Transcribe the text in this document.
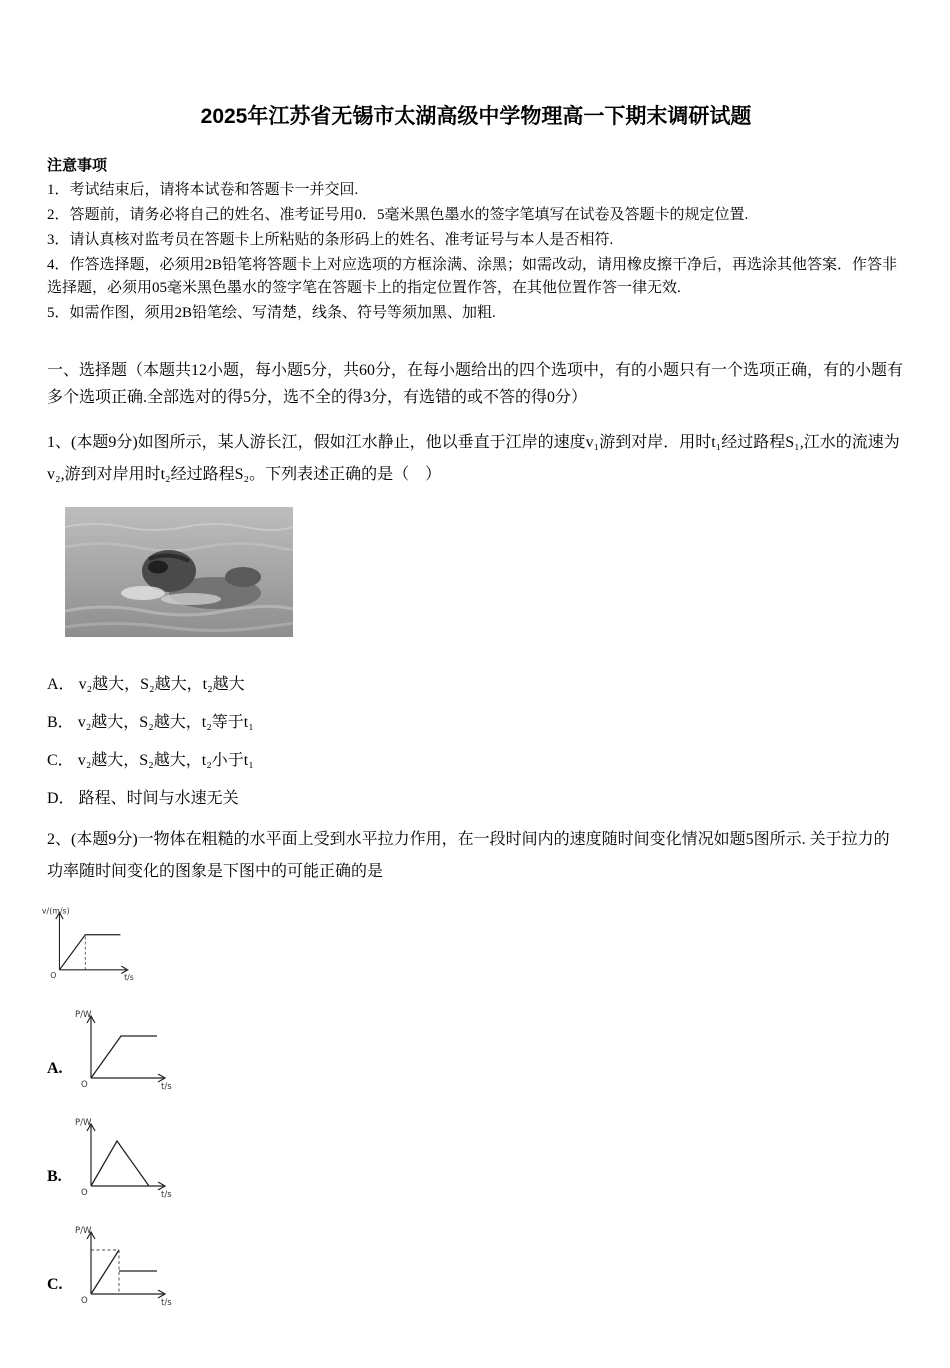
2025年江苏省无锡市太湖高级中学物理高一下期末调研试题
注意事项

1．考试结束后，请将本试卷和答题卡一并交回.

2．答题前，请务必将自己的姓名、准考证号用0．5毫米黑色墨水的签字笔填写在试卷及答题卡的规定位置.

3．请认真核对监考员在答题卡上所粘贴的条形码上的姓名、准考证号与本人是否相符.

4．作答选择题，必须用2B铅笔将答题卡上对应选项的方框涂满、涂黑；如需改动，请用橡皮擦干净后，再选涂其他答案．作答非选择题，必须用05毫米黑色墨水的签字笔在答题卡上的指定位置作答，在其他位置作答一律无效.

5．如需作图，须用2B铅笔绘、写清楚，线条、符号等须加黑、加粗.

一、选择题（本题共12小题，每小题5分，共60分，在每小题给出的四个选项中，有的小题只有一个选项正确，有的小题有多个选项正确.全部选对的得5分，选不全的得3分，有选错的或不答的得0分）

1、(本题9分)如图所示，某人游长江，假如江水静止，他以垂直于江岸的速度v₁游到对岸．用时t₁经过路程S₁,江水的流速为v₂,游到对岸用时t₂经过路程S₂。下列表述正确的是（　）

A． v₂越大，S₂越大，t₂越大

B． v₂越大，S₂越大，t₂等于t₁

C． v₂越大，S₂越大，t₂小于t₁

D． 路程、时间与水速无关

2、(本题9分)一物体在粗糙的水平面上受到水平拉力作用，在一段时间内的速度随时间变化情况如题5图所示. 关于拉力的功率随时间变化的图象是下图中的可能正确的是

v/(m/s)
O	t/s
A.
P/W
O	t/s
B.
P/W
O	t/s
C.
P/W
O	t/s
